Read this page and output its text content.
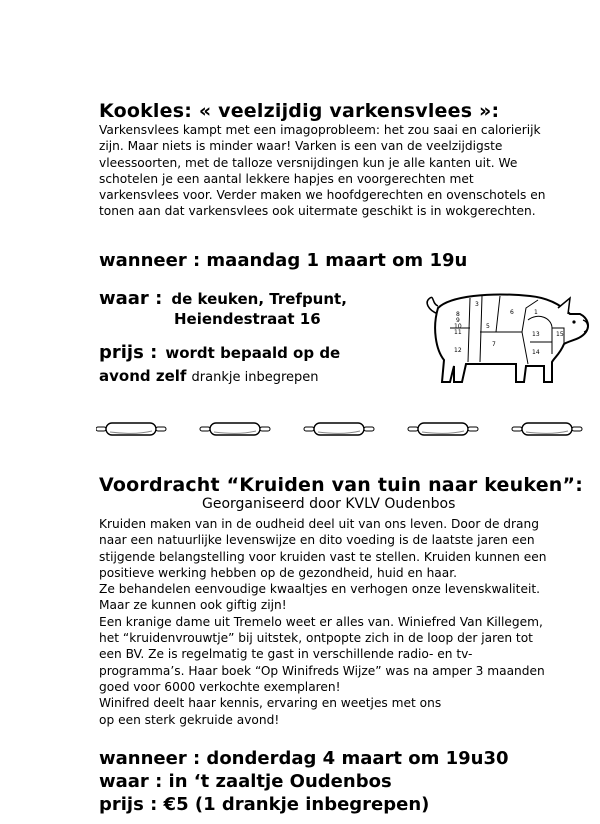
Kookles: « veelzijdig varkensvlees »:
Varkensvlees kampt met een imagoprobleem: het zou saai en calorierijk
zijn. Maar niets is minder waar! Varken is een van de veelzijdigste
vleessoorten, met de talloze versnijdingen kun je alle kanten uit. We
schotelen je een aantal lekkere hapjes en voorgerechten met
varkensvlees voor. Verder maken we hoofdgerechten en ovenschotels en
tonen aan dat varkensvlees ook uitermate geschikt is in wokgerechten.
wanneer : maandag 1 maart om 19u
waar : de keuken, Trefpunt,
Heiendestraat 16
prijs : wordt bepaald op de
avond zelf drankje inbegrepen
8
9
10
11
3
5
6
7
12
13
14
15
1
Voordracht “Kruiden van tuin naar keuken”:
Georganiseerd door KVLV Oudenbos
Kruiden maken van in de oudheid deel uit van ons leven. Door de drang
naar een natuurlijke levenswijze en dito voeding is de laatste jaren een
stijgende belangstelling voor kruiden vast te stellen. Kruiden kunnen een
positieve werking hebben op de gezondheid, huid en haar.
Ze behandelen eenvoudige kwaaltjes en verhogen onze levenskwaliteit.
Maar ze kunnen ook giftig zijn!
Een kranige dame uit Tremelo weet er alles van. Winiefred Van Killegem,
het “kruidenvrouwtje” bij uitstek, ontpopte zich in de loop der jaren tot
een BV. Ze is regelmatig te gast in verschillende radio- en tv-
programma’s. Haar boek “Op Winifreds Wijze” was na amper 3 maanden
goed voor 6000 verkochte exemplaren!
Winifred deelt haar kennis, ervaring en weetjes met ons
op een sterk gekruide avond!
wanneer : donderdag 4 maart om 19u30
waar : in ‘t zaaltje Oudenbos
prijs : €5 (1 drankje inbegrepen)
